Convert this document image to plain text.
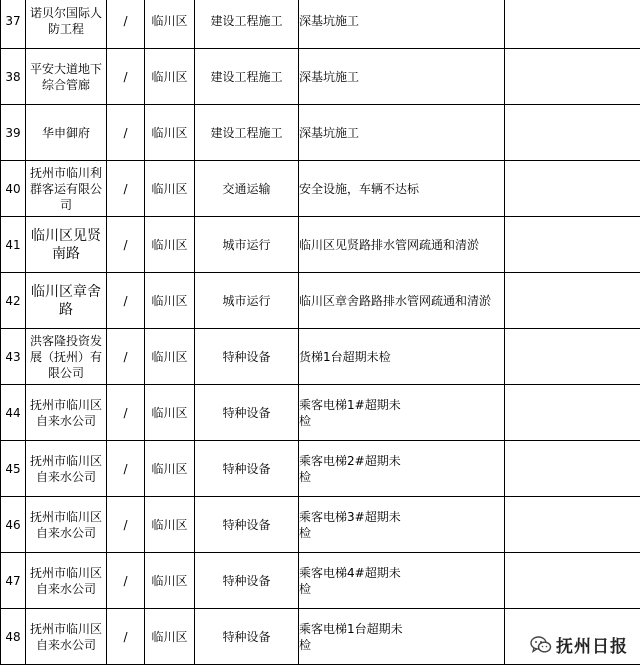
37	诺贝尔国际人防工程	/	临川区	建设工程施工	深基坑施工	
38	平安大道地下综合管廊	/	临川区	建设工程施工	深基坑施工	
39	华申御府	/	临川区	建设工程施工	深基坑施工	
40	抚州市临川利群客运有限公司	/	临川区	交通运输	安全设施，车辆不达标	
41	临川区见贤南路	/	临川区	城市运行	临川区见贤路排水管网疏通和清淤	
42	临川区章舍路	/	临川区	城市运行	临川区章舍路路排水管网疏通和清淤	
43	洪客隆投资发展（抚州）有限公司	/	临川区	特种设备	货梯1台超期未检	
44	抚州市临川区自来水公司	/	临川区	特种设备	乘客电梯1#超期未检	
45	抚州市临川区自来水公司	/	临川区	特种设备	乘客电梯2#超期未检	
46	抚州市临川区自来水公司	/	临川区	特种设备	乘客电梯3#超期未检	
47	抚州市临川区自来水公司	/	临川区	特种设备	乘客电梯4#超期未检	
48	抚州市临川区自来水公司	/	临川区	特种设备	乘客电梯1台超期未检		抚州日报
